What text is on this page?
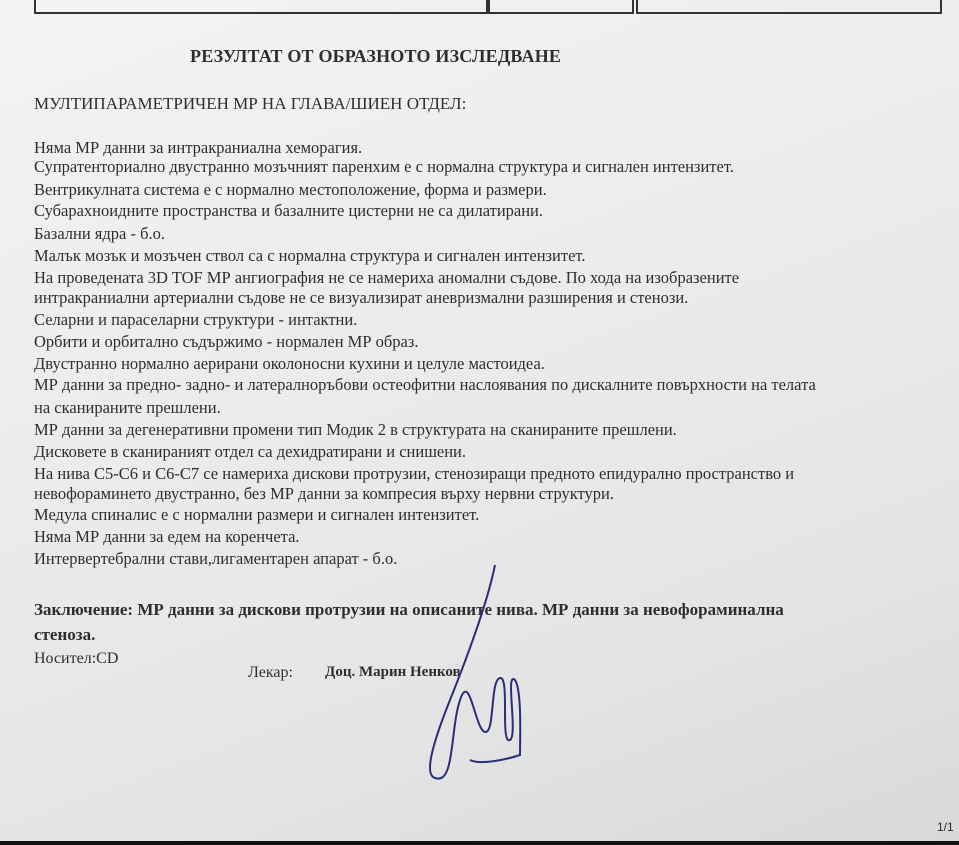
РЕЗУЛТАТ ОТ ОБРАЗНОТО ИЗСЛЕДВАНЕ
МУЛТИПАРАМЕТРИЧЕН МР НА ГЛАВА/ШИЕН ОТДЕЛ:
Няма МР данни за интракраниална хеморагия.
Супратенториално двустранно мозъчният паренхим е с нормална структура и сигнален интензитет.
Вентрикулната система е с нормално местоположение, форма и размери.
Субарахноидните пространства и базалните цистерни не са дилатирани.
Базални ядра - б.о.
Малък мозък и мозъчен ствол са с нормална структура и сигнален интензитет.
На проведената 3D TOF МР ангиография не се намериха аномални съдове. По хода на изобразените
интракраниални артериални съдове не се визуализират аневризмални разширения и стенози.
Селарни и параселарни структури - интактни.
Орбити и орбитално съдържимо - нормален МР образ.
Двустранно нормално аерирани околоносни кухини и целуле мастоидеа.
МР данни за предно- задно- и латералноръбови остеофитни наслоявания по дискалните повърхности на телата
на сканираните прешлени.
МР данни за дегенеративни промени тип Модик 2 в структурата на сканираните прешлени.
Дисковете в сканираният отдел са дехидратирани и снишени.
На нива С5-С6 и С6-С7 се намериха дискови протрузии, стенозиращи предното епидурално пространство и
невофораминето двустранно, без МР данни за компресия върху нервни структури.
Медула спиналис е с нормални размери и сигнален интензитет.
Няма МР данни за едем на коренчета.
Интервертебрални стави,лигаментарен апарат - б.о.
Заключение: МР данни за дискови протрузии на описаните нива. МР данни за невофораминална
стеноза.
Носител:CD
Лекар: Доц. Марин Ненков
1/1
